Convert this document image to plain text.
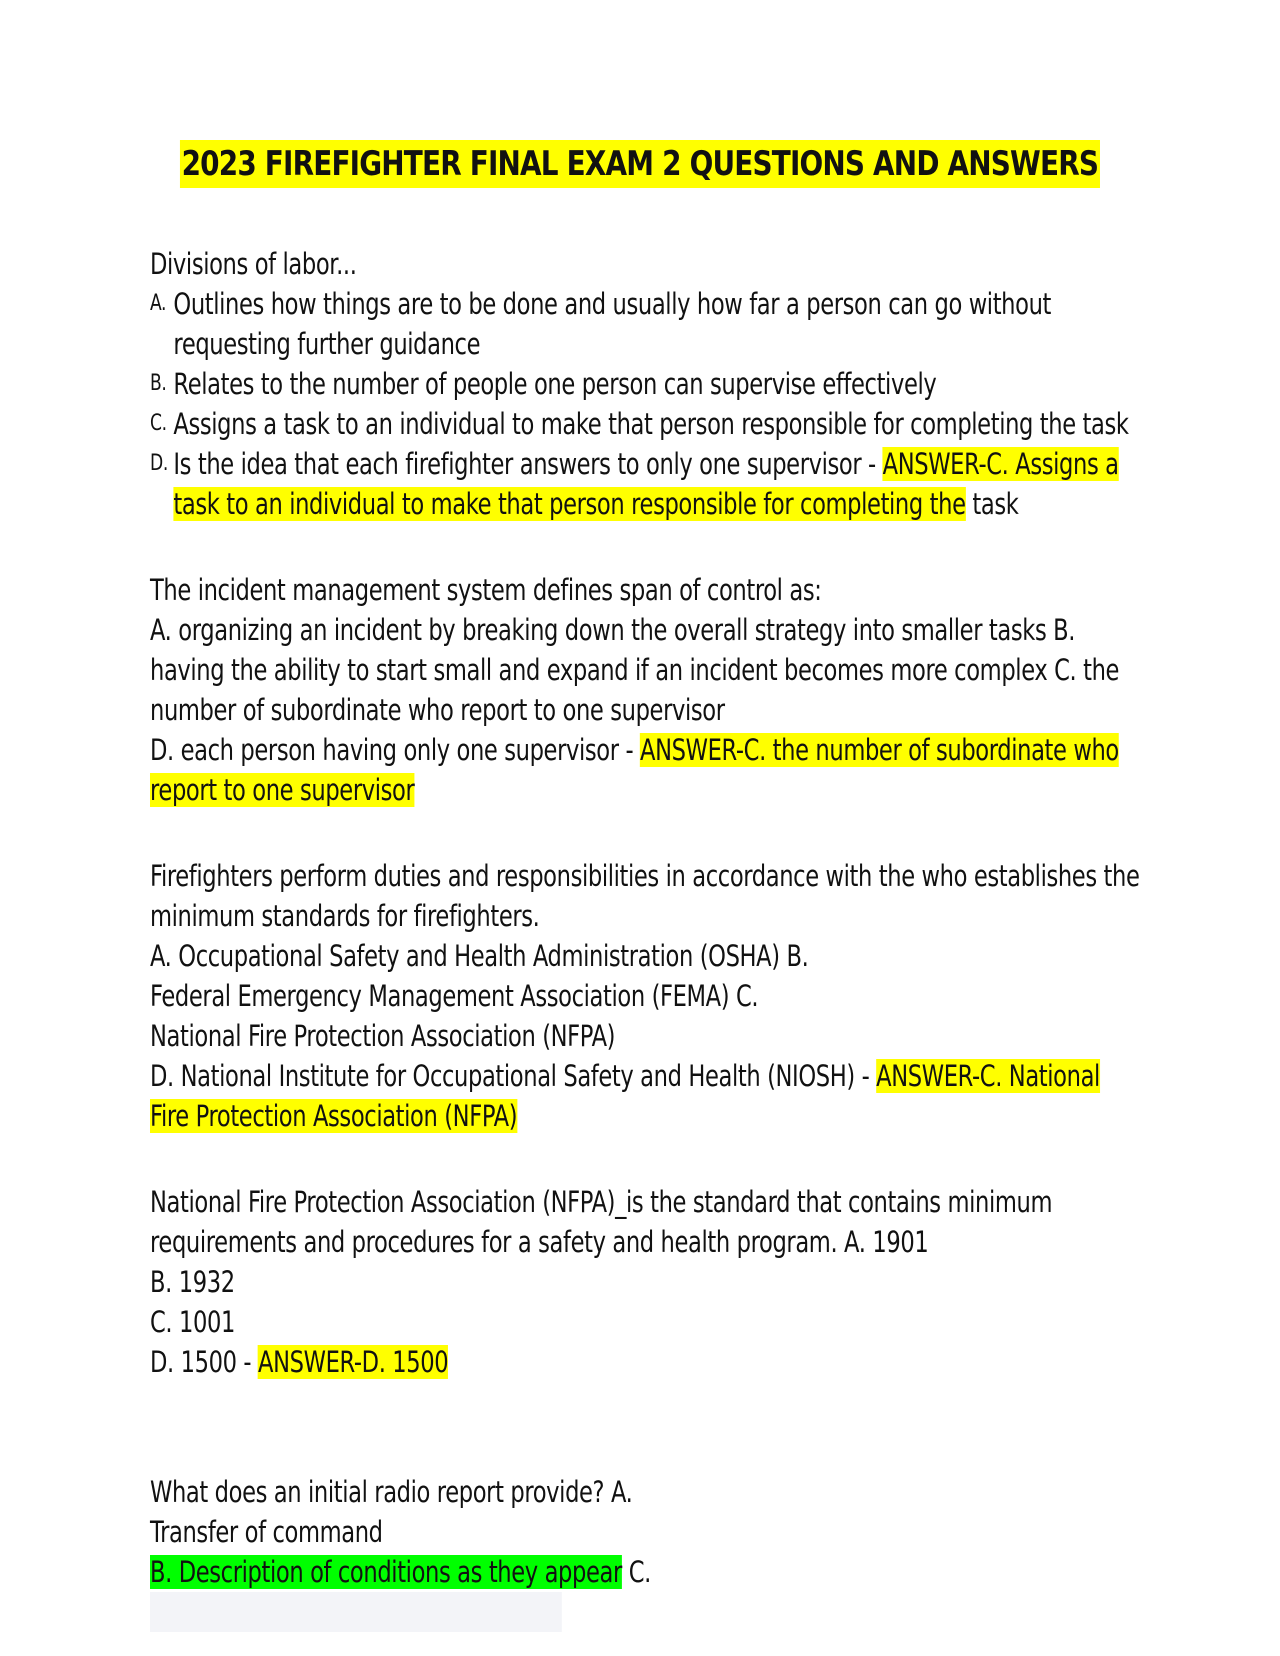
2023 FIREFIGHTER FINAL EXAM 2 QUESTIONS AND ANSWERS
Divisions of labor...
A. Outlines how things are to be done and usually how far a person can go without
requesting further guidance
B. Relates to the number of people one person can supervise effectively
C. Assigns a task to an individual to make that person responsible for completing the task
D. Is the idea that each firefighter answers to only one supervisor - ANSWER-C. Assigns a
task to an individual to make that person responsible for completing the task
The incident management system defines span of control as:
A. organizing an incident by breaking down the overall strategy into smaller tasks B.
having the ability to start small and expand if an incident becomes more complex C. the
number of subordinate who report to one supervisor
D. each person having only one supervisor - ANSWER-C. the number of subordinate who
report to one supervisor
Firefighters perform duties and responsibilities in accordance with the who establishes the
minimum standards for firefighters.
A. Occupational Safety and Health Administration (OSHA) B.
Federal Emergency Management Association (FEMA) C.
National Fire Protection Association (NFPA)
D. National Institute for Occupational Safety and Health (NIOSH) - ANSWER-C. National
Fire Protection Association (NFPA)
National Fire Protection Association (NFPA)_is the standard that contains minimum
requirements and procedures for a safety and health program. A. 1901
B. 1932
C. 1001
D. 1500 - ANSWER-D. 1500
What does an initial radio report provide? A.
Transfer of command
B. Description of conditions as they appear C.
